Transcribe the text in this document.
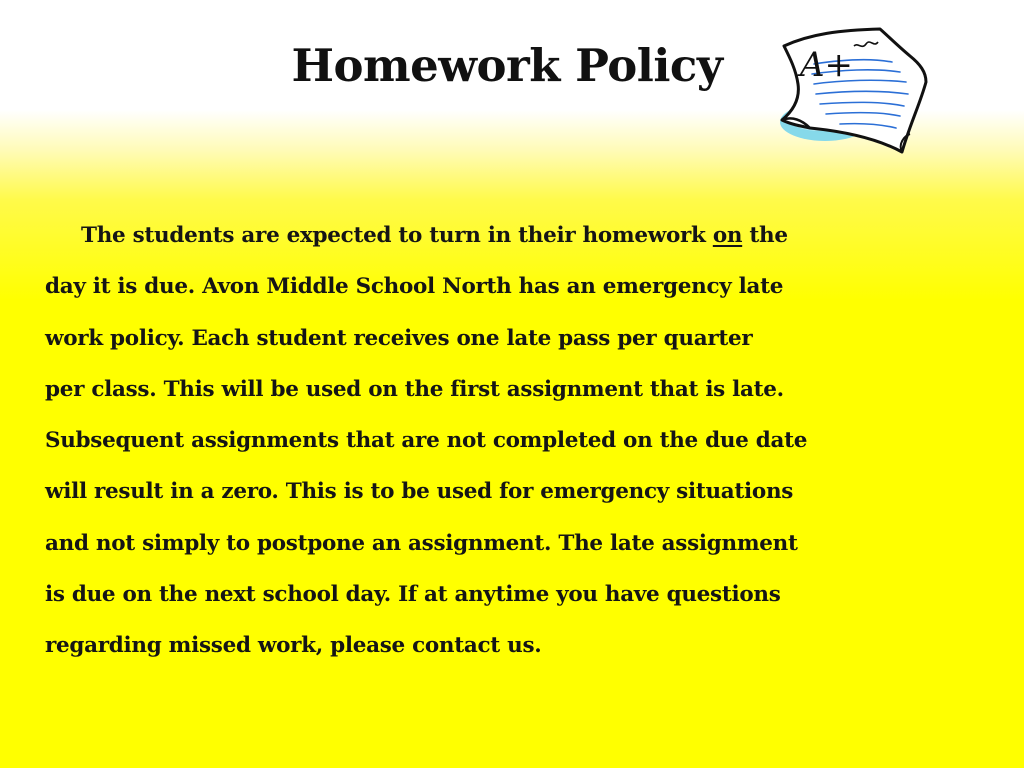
Homework Policy	A+
The students are expected to turn in their homework on the
day it is due. Avon Middle School North has an emergency late
work policy. Each student receives one late pass per quarter
per class. This will be used on the first assignment that is late.
Subsequent assignments that are not completed on the due date
will result in a zero. This is to be used for emergency situations
and not simply to postpone an assignment. The late assignment
is due on the next school day. If at anytime you have questions
regarding missed work, please contact us.
